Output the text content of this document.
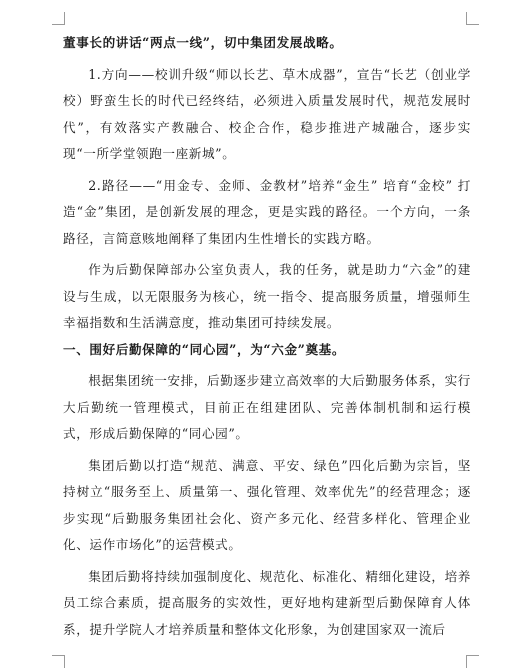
董事长的讲话“两点一线”，切中集团发展战略。

1.方向——校训升级“师以长艺、草木成器”，宣告“长艺（创业学校）野蛮生长的时代已经终结，必须进入质量发展时代，规范发展时代”，有效落实产教融合、校企合作，稳步推进产城融合，逐步实现“一所学堂领跑一座新城”。

2.路径——“用金专、金师、金教材”培养“金生” 培育“金校” 打造“金”集团，是创新发展的理念，更是实践的路径。一个方向，一条路径，言简意赅地阐释了集团内生性增长的实践方略。

作为后勤保障部办公室负责人，我的任务，就是助力“六金”的建设与生成，以无限服务为核心，统一指令、提高服务质量，增强师生幸福指数和生活满意度，推动集团可持续发展。

一、围好后勤保障的“同心园”，为“六金”奠基。

根据集团统一安排，后勤逐步建立高效率的大后勤服务体系，实行大后勤统一管理模式，目前正在组建团队、完善体制机制和运行模式，形成后勤保障的“同心园”。

集团后勤以打造“规范、满意、平安、绿色”四化后勤为宗旨，坚持树立“服务至上、质量第一、强化管理、效率优先”的经营理念；逐步实现“后勤服务集团社会化、资产多元化、经营多样化、管理企业化、运作市场化”的运营模式。

集团后勤将持续加强制度化、规范化、标准化、精细化建设，培养员工综合素质，提高服务的实效性，更好地构建新型后勤保障育人体系，提升学院人才培养质量和整体文化形象，为创建国家双一流后
